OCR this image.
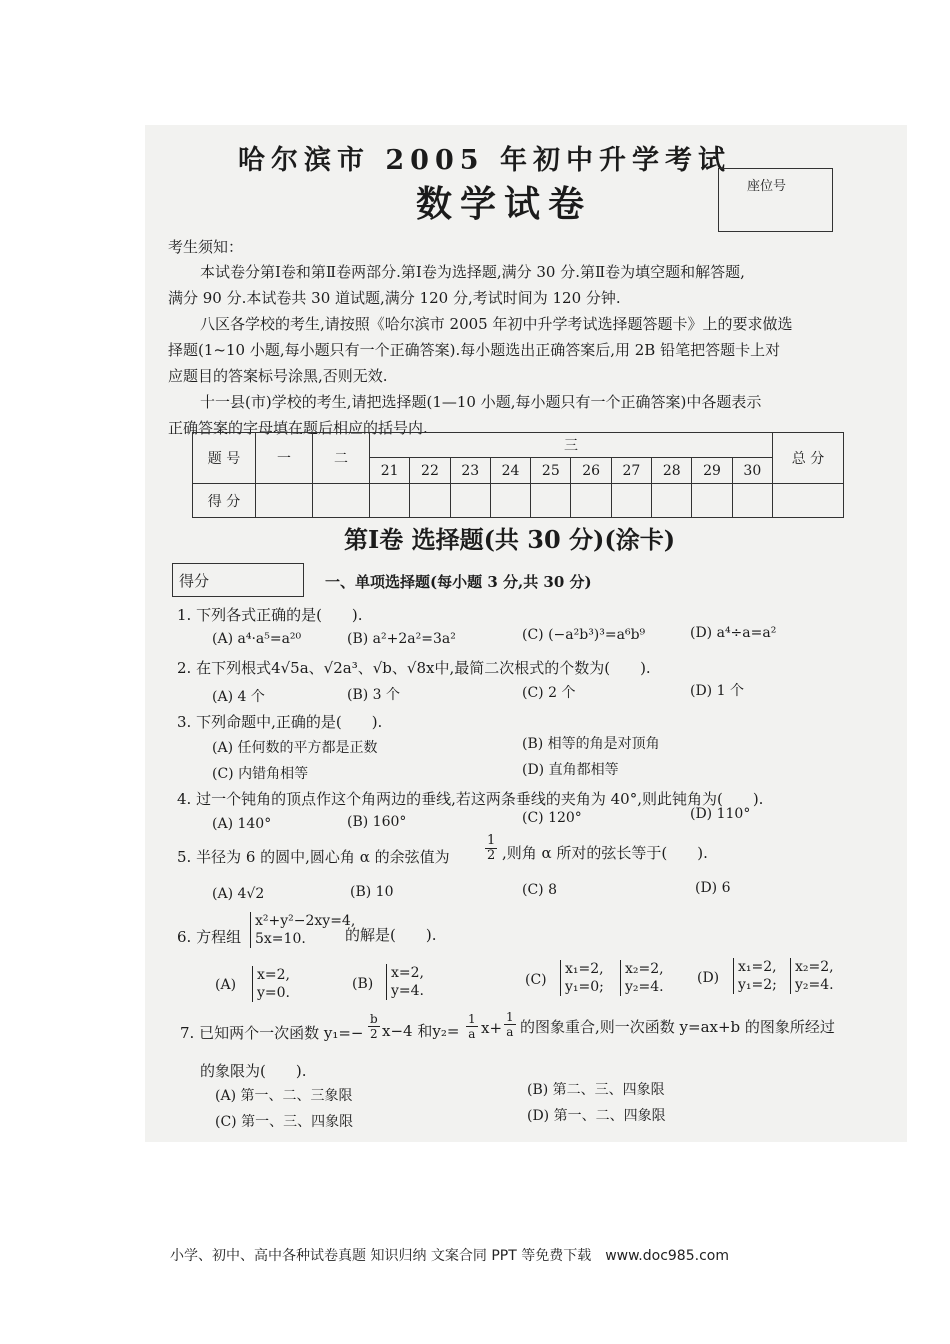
哈尔滨市 2005 年初中升学考试
数学试卷	座位号
考生须知：
本试卷分第Ⅰ卷和第Ⅱ卷两部分.第Ⅰ卷为选择题,满分 30 分.第Ⅱ卷为填空题和解答题,
满分 90 分.本试卷共 30 道试题,满分 120 分,考试时间为 120 分钟.
八区各学校的考生,请按照《哈尔滨市 2005 年初中升学考试选择题答题卡》上的要求做选
择题(1~10 小题,每小题只有一个正确答案).每小题选出正确答案后,用 2B 铅笔把答题卡上对
应题目的答案标号涂黑,否则无效.
十一县(市)学校的考生,请把选择题(1—10 小题,每小题只有一个正确答案)中各题表示
正确答案的字母填在题后相应的括号内.
题 号	一	二	三										总 分
			21	22	23	24	25	26	27	28	29	30	
得 分													
第Ⅰ卷 选择题(共 30 分)(涂卡)
得分	一、单项选择题(每小题 3 分,共 30 分)
1. 下列各式正确的是(　　).
(A) a⁴·a⁵=a²⁰	(B) a²+2a²=3a²	(C) (−a²b³)³=a⁶b⁹	(D) a⁴÷a=a²
2. 在下列根式4√5a、√2a³、√b、√8x中,最简二次根式的个数为(　　).
(A) 4 个	(B) 3 个	(C) 2 个	(D) 1 个
3. 下列命题中,正确的是(　　).
(A) 任何数的平方都是正数	(B) 相等的角是对顶角
(C) 内错角相等	(D) 直角都相等
4. 过一个钝角的顶点作这个角两边的垂线,若这两条垂线的夹角为 40°,则此钝角为(　　).
(A) 140°	(B) 160°	(C) 120°	(D) 110°
5. 半径为 6 的圆中,圆心角 α 的余弦值为	$\frac{1}{2}$ ,则角 α 所对的弦长等于(　　).
(A) 4√2	(B) 10	(C) 8	(D) 6
6. 方程组
x²+y²−2xy=4,
5x=10.	的解是(　　).
(A)
x=2,
y=0.
(B)
x=2,
y=4.
(C)
x₁=2,
y₁=0;
x₂=2,
y₂=4.
(D)
x₁=2,
y₁=2;
x₂=2,
y₂=4.
7. 已知两个一次函数 $y_1=- \frac{b}{2} x-4$ 和$y_2= \frac{1}{a} x+ \frac{1}{a}$ 的图象重合,则一次函数 y=ax+b 的图象所经过
的象限为(　　).
(A) 第一、二、三象限	(B) 第二、三、四象限
(C) 第一、三、四象限	(D) 第一、二、四象限
小学、初中、高中各种试卷真题 知识归纳 文案合同 PPT 等免费下载　www.doc985.com
